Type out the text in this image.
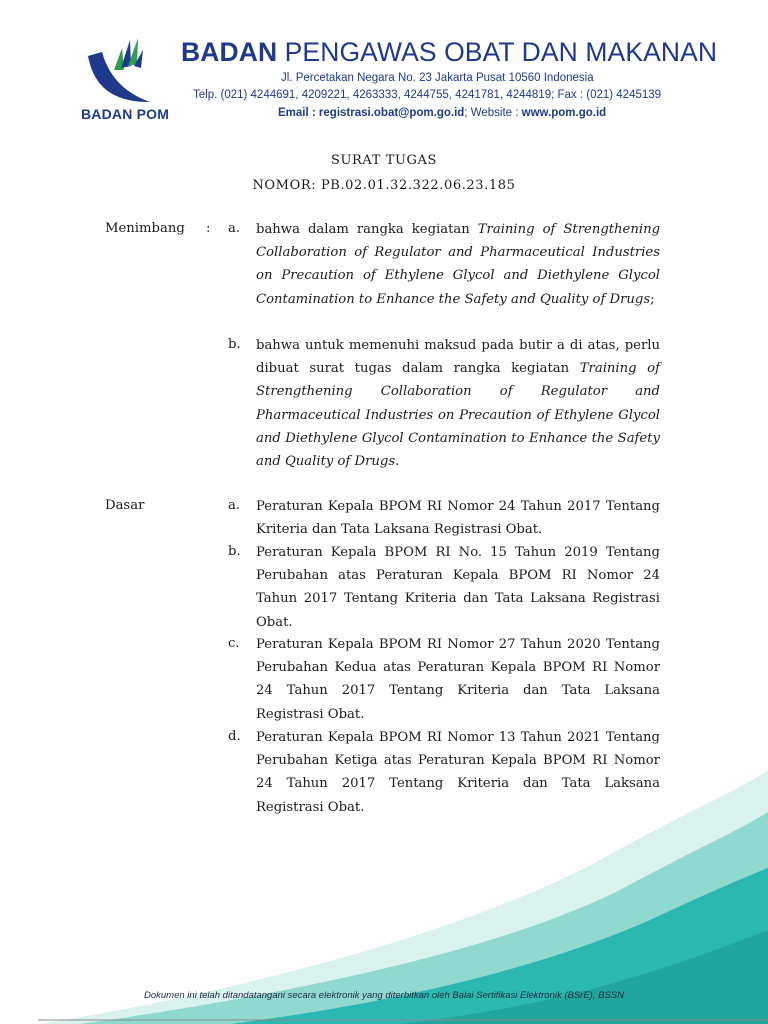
BADAN POM
BADAN PENGAWAS OBAT DAN MAKANAN
Jl. Percetakan Negara No. 23 Jakarta Pusat 10560 Indonesia
Telp. (021) 4244691, 4209221, 4263333, 4244755, 4241781, 4244819; Fax : (021) 4245139
Email : registrasi.obat@pom.go.id; Website : www.pom.go.id
SURAT TUGAS
NOMOR: PB.02.01.32.322.06.23.185
Menimbang : a. bahwa dalam rangka kegiatan Training of Strengthening Collaboration of Regulator and Pharmaceutical Industries on Precaution of Ethylene Glycol and Diethylene Glycol Contamination to Enhance the Safety and Quality of Drugs;

b. bahwa untuk memenuhi maksud pada butir a di atas, perlu dibuat surat tugas dalam rangka kegiatan Training of Strengthening Collaboration of Regulator and Pharmaceutical Industries on Precaution of Ethylene Glycol and Diethylene Glycol Contamination to Enhance the Safety and Quality of Drugs.

Dasar	a. Peraturan Kepala BPOM RI Nomor 24 Tahun 2017 Tentang Kriteria dan Tata Laksana Registrasi Obat.

b. Peraturan Kepala BPOM RI No. 15 Tahun 2019 Tentang Perubahan atas Peraturan Kepala BPOM RI Nomor 24 Tahun 2017 Tentang Kriteria dan Tata Laksana Registrasi Obat.

c. Peraturan Kepala BPOM RI Nomor 27 Tahun 2020 Tentang Perubahan Kedua atas Peraturan Kepala BPOM RI Nomor 24 Tahun 2017 Tentang Kriteria dan Tata Laksana Registrasi Obat.

d. Peraturan Kepala BPOM RI Nomor 13 Tahun 2021 Tentang Perubahan Ketiga atas Peraturan Kepala BPOM RI Nomor 24 Tahun 2017 Tentang Kriteria dan Tata Laksana Registrasi Obat.

Dokumen ini telah ditandatangani secara elektronik yang diterbitkan oleh Balai Sertifikasi Elektronik (BSrE), BSSN
